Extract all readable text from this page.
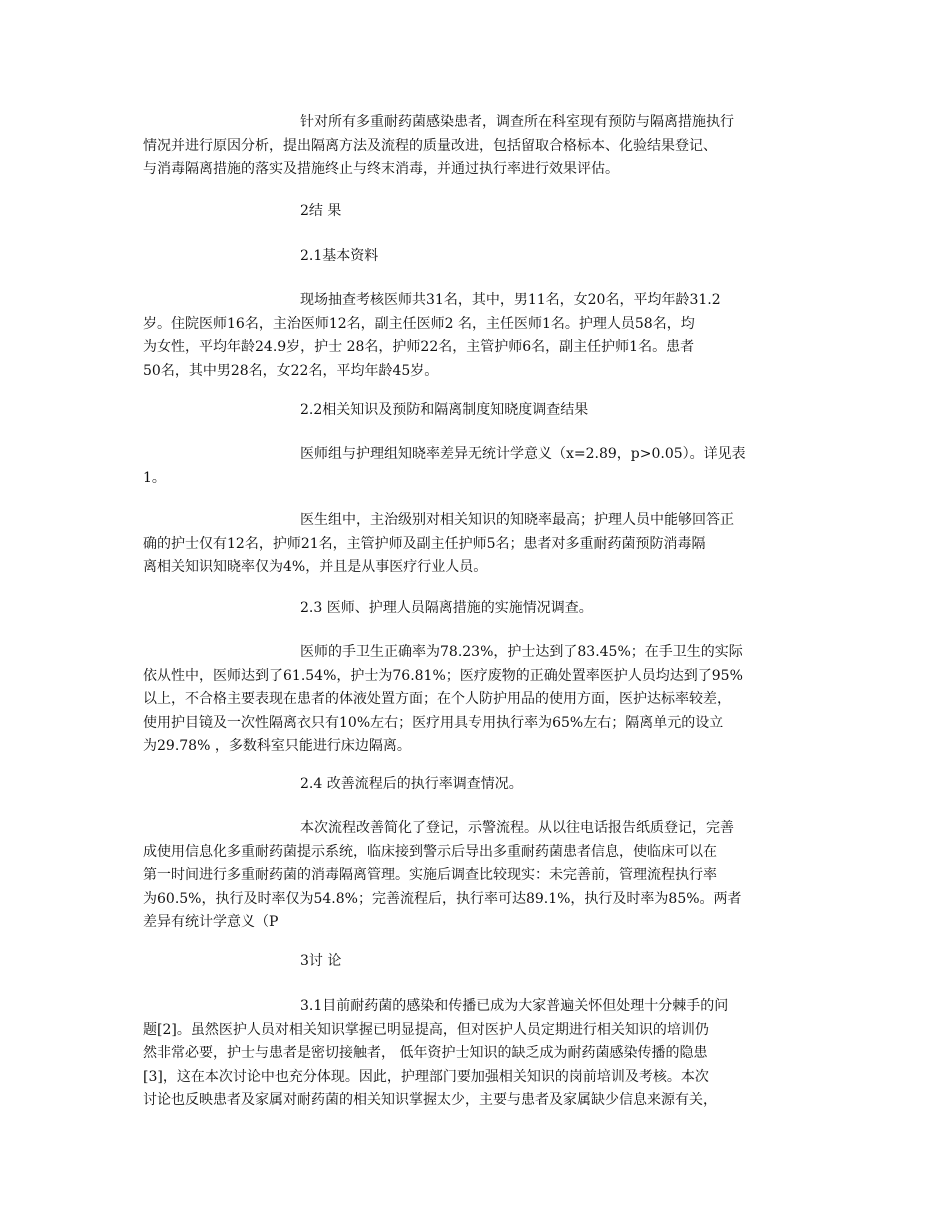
针对所有多重耐药菌感染患者，调查所在科室现有预防与隔离措施执行
情况并进行原因分析，提出隔离方法及流程的质量改进，包括留取合格标本、化验结果登记、
与消毒隔离措施的落实及措施终止与终末消毒，并通过执行率进行效果评估。
2结 果
2.1基本资料
现场抽查考核医师共31名，其中，男11名，女20名，平均年龄31.2
岁。住院医师16名，主治医师12名，副主任医师2 名，主任医师1名。护理人员58名，均
为女性，平均年龄24.9岁，护士 28名，护师22名，主管护师6名，副主任护师1名。患者
50名，其中男28名，女22名，平均年龄45岁。
2.2相关知识及预防和隔离制度知晓度调查结果
医师组与护理组知晓率差异无统计学意义（x=2.89，p>0.05）。详见表
1。
医生组中，主治级别对相关知识的知晓率最高；护理人员中能够回答正
确的护士仅有12名，护师21名，主管护师及副主任护师5名；患者对多重耐药菌预防消毒隔
离相关知识知晓率仅为4%，并且是从事医疗行业人员。
2.3 医师、护理人员隔离措施的实施情况调查。
医师的手卫生正确率为78.23%，护士达到了83.45%；在手卫生的实际
依从性中，医师达到了61.54%，护士为76.81%；医疗废物的正确处置率医护人员均达到了95%
以上，不合格主要表现在患者的体液处置方面；在个人防护用品的使用方面，医护达标率较差，
使用护目镜及一次性隔离衣只有10%左右；医疗用具专用执行率为65%左右；隔离单元的设立
为29.78% ，多数科室只能进行床边隔离。
2.4 改善流程后的执行率调查情况。
本次流程改善简化了登记，示警流程。从以往电话报告纸质登记，完善
成使用信息化多重耐药菌提示系统，临床接到警示后导出多重耐药菌患者信息，使临床可以在
第一时间进行多重耐药菌的消毒隔离管理。实施后调查比较现实：未完善前，管理流程执行率
为60.5%，执行及时率仅为54.8%；完善流程后，执行率可达89.1%，执行及时率为85%。两者
差异有统计学意义（P
3讨 论
3.1目前耐药菌的感染和传播已成为大家普遍关怀但处理十分棘手的问
题[2]。虽然医护人员对相关知识掌握已明显提高，但对医护人员定期进行相关知识的培训仍
然非常必要，护士与患者是密切接触者， 低年资护士知识的缺乏成为耐药菌感染传播的隐患
[3]，这在本次讨论中也充分体现。因此，护理部门要加强相关知识的岗前培训及考核。本次
讨论也反映患者及家属对耐药菌的相关知识掌握太少，主要与患者及家属缺少信息来源有关，
